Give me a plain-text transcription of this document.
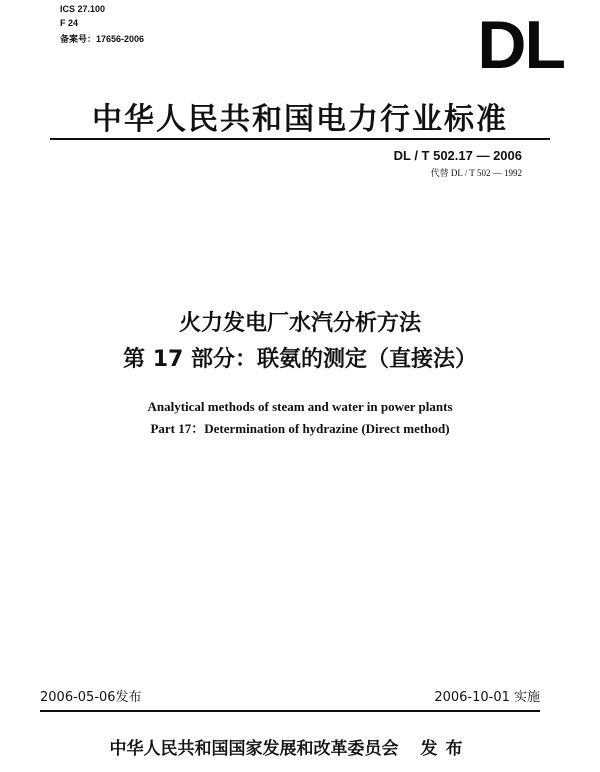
ICS 27.100
F 24
备案号：17656-2006	DL
中华人民共和国电力行业标准
DL / T 502.17 — 2006
代替 DL / T 502 — 1992
火力发电厂水汽分析方法
第 17 部分：联氨的测定（直接法）
Analytical methods of steam and water in power plants
Part 17：Determination of hydrazine (Direct method)
2006-05-06发布	2006-10-01 实施
中华人民共和国国家发展和改革委员会 发布
